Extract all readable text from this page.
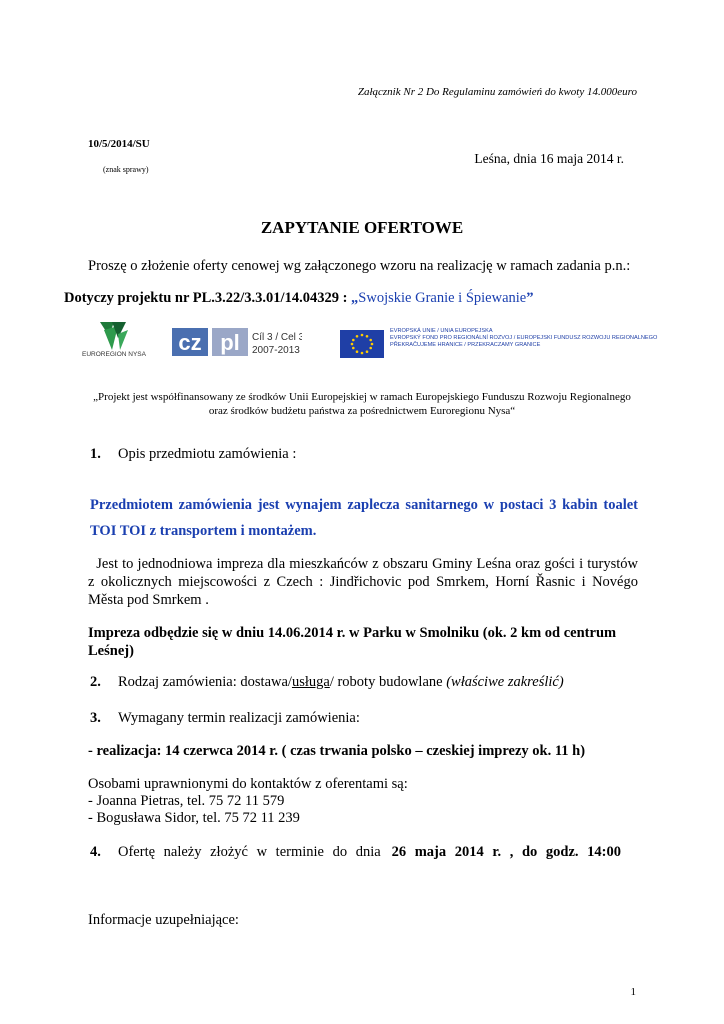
Załącznik Nr 2 Do Regulaminu zamówień do kwoty 14.000euro
10/5/2014/SU
(znak sprawy)
Leśna, dnia 16 maja 2014 r.
ZAPYTANIE OFERTOWE
Proszę o złożenie oferty cenowej wg załączonego wzoru na realizację w ramach zadania p.n.:
Dotyczy projektu nr PL.3.22/3.3.01/14.04329 : „Swojskie Granie i Śpiewanie”
EUROREGION NYSA cz pl Cíl 3 / Cel 3
2007-2013
EVROPSKÁ UNIE / UNIA EUROPEJSKA
EVROPSKÝ FOND PRO REGIONÁLNÍ ROZVOJ / EUROPEJSKI FUNDUSZ ROZWOJU REGIONALNEGO
PŘEKRAČUJEME HRANICE / PRZEKRACZAMY GRANICE
„Projekt jest współfinansowany ze środków Unii Europejskiej w ramach Europejskiego Funduszu Rozwoju Regionalnego
oraz środków budżetu państwa za pośrednictwem Euroregionu Nysa“
1. Opis przedmiotu zamówienia :
Przedmiotem zamówienia jest wynajem zaplecza sanitarnego w postaci 3 kabin toalet TOI TOI z transportem i montażem.
Jest to jednodniowa impreza dla mieszkańców z obszaru Gminy Leśna oraz gości i turystów z okolicznych miejscowości z Czech : Jindřichovic pod Smrkem, Horní Řasnic i Novégo Města pod Smrkem .
Impreza odbędzie się w dniu 14.06.2014 r. w Parku w Smolniku (ok. 2 km od centrum Leśnej)
2. Rodzaj zamówienia: dostawa/usługa/ roboty budowlane (właściwe zakreślić)
3. Wymagany termin realizacji zamówienia:
- realizacja: 14 czerwca 2014 r. ( czas trwania polsko – czeskiej imprezy ok. 11 h)
Osobami uprawnionymi do kontaktów z oferentami są:
- Joanna Pietras, tel. 75 72 11 579
- Bogusława Sidor, tel. 75 72 11 239
4. Ofertę należy złożyć w terminie do dnia 26 maja 2014 r. , do godz. 14:00
Informacje uzupełniające:
1
